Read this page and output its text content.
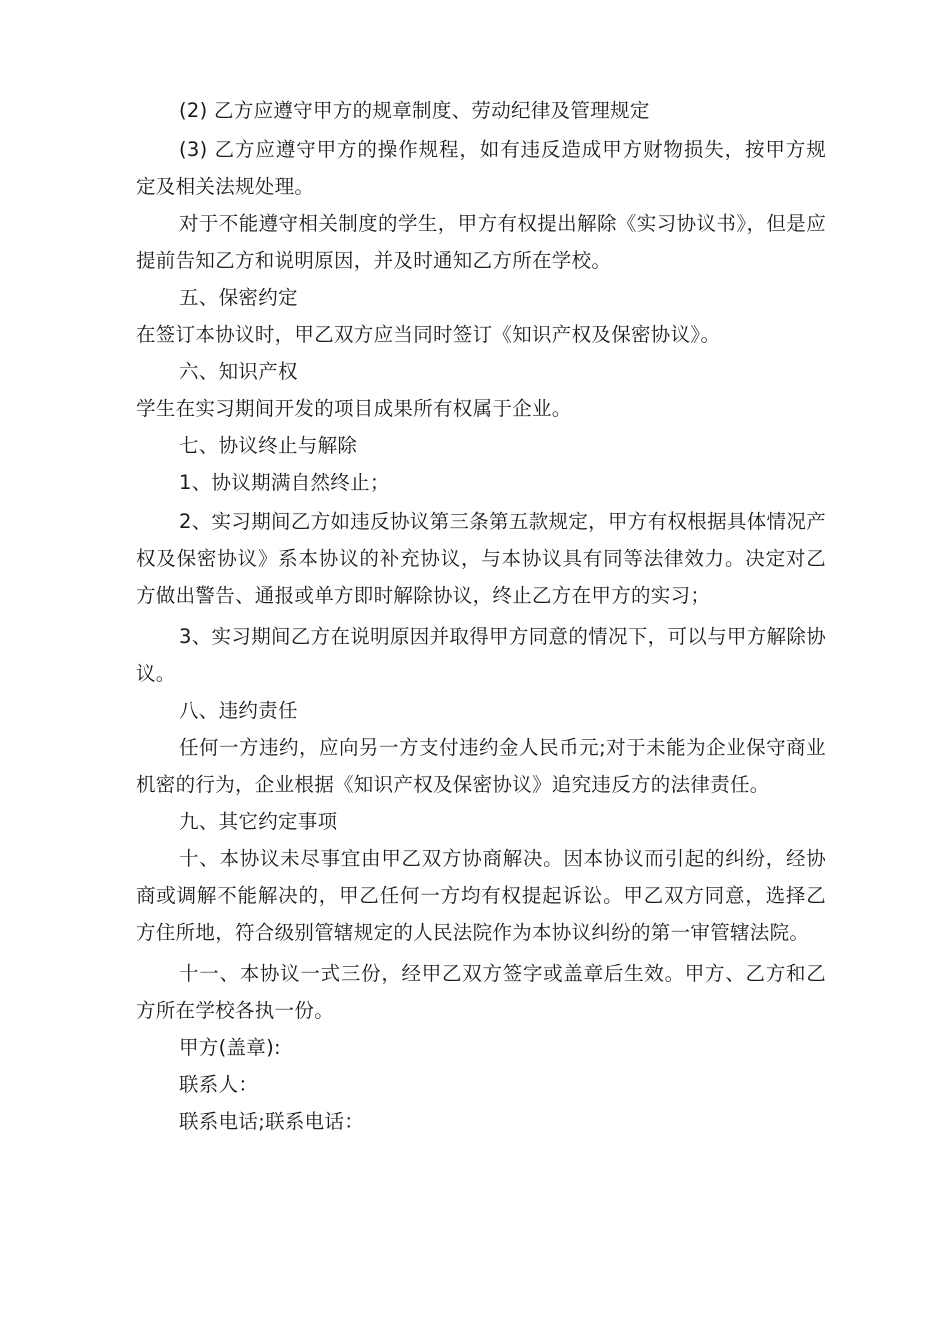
(2) 乙方应遵守甲方的规章制度、劳动纪律及管理规定

(3) 乙方应遵守甲方的操作规程，如有违反造成甲方财物损失，按甲方规定及相关法规处理。

对于不能遵守相关制度的学生，甲方有权提出解除《实习协议书》，但是应提前告知乙方和说明原因，并及时通知乙方所在学校。

五、保密约定

在签订本协议时，甲乙双方应当同时签订《知识产权及保密协议》。

六、知识产权

学生在实习期间开发的项目成果所有权属于企业。

七、协议终止与解除

1、协议期满自然终止；

2、实习期间乙方如违反协议第三条第五款规定，甲方有权根据具体情况产权及保密协议》系本协议的补充协议，与本协议具有同等法律效力。决定对乙方做出警告、通报或单方即时解除协议，终止乙方在甲方的实习；

3、实习期间乙方在说明原因并取得甲方同意的情况下，可以与甲方解除协议。

八、违约责任

任何一方违约，应向另一方支付违约金人民币元;对于未能为企业保守商业机密的行为，企业根据《知识产权及保密协议》追究违反方的法律责任。

九、其它约定事项

十、本协议未尽事宜由甲乙双方协商解决。因本协议而引起的纠纷，经协商或调解不能解决的，甲乙任何一方均有权提起诉讼。甲乙双方同意，选择乙方住所地，符合级别管辖规定的人民法院作为本协议纠纷的第一审管辖法院。

十一、本协议一式三份，经甲乙双方签字或盖章后生效。甲方、乙方和乙方所在学校各执一份。

甲方(盖章):

联系人：

联系电话;联系电话：
